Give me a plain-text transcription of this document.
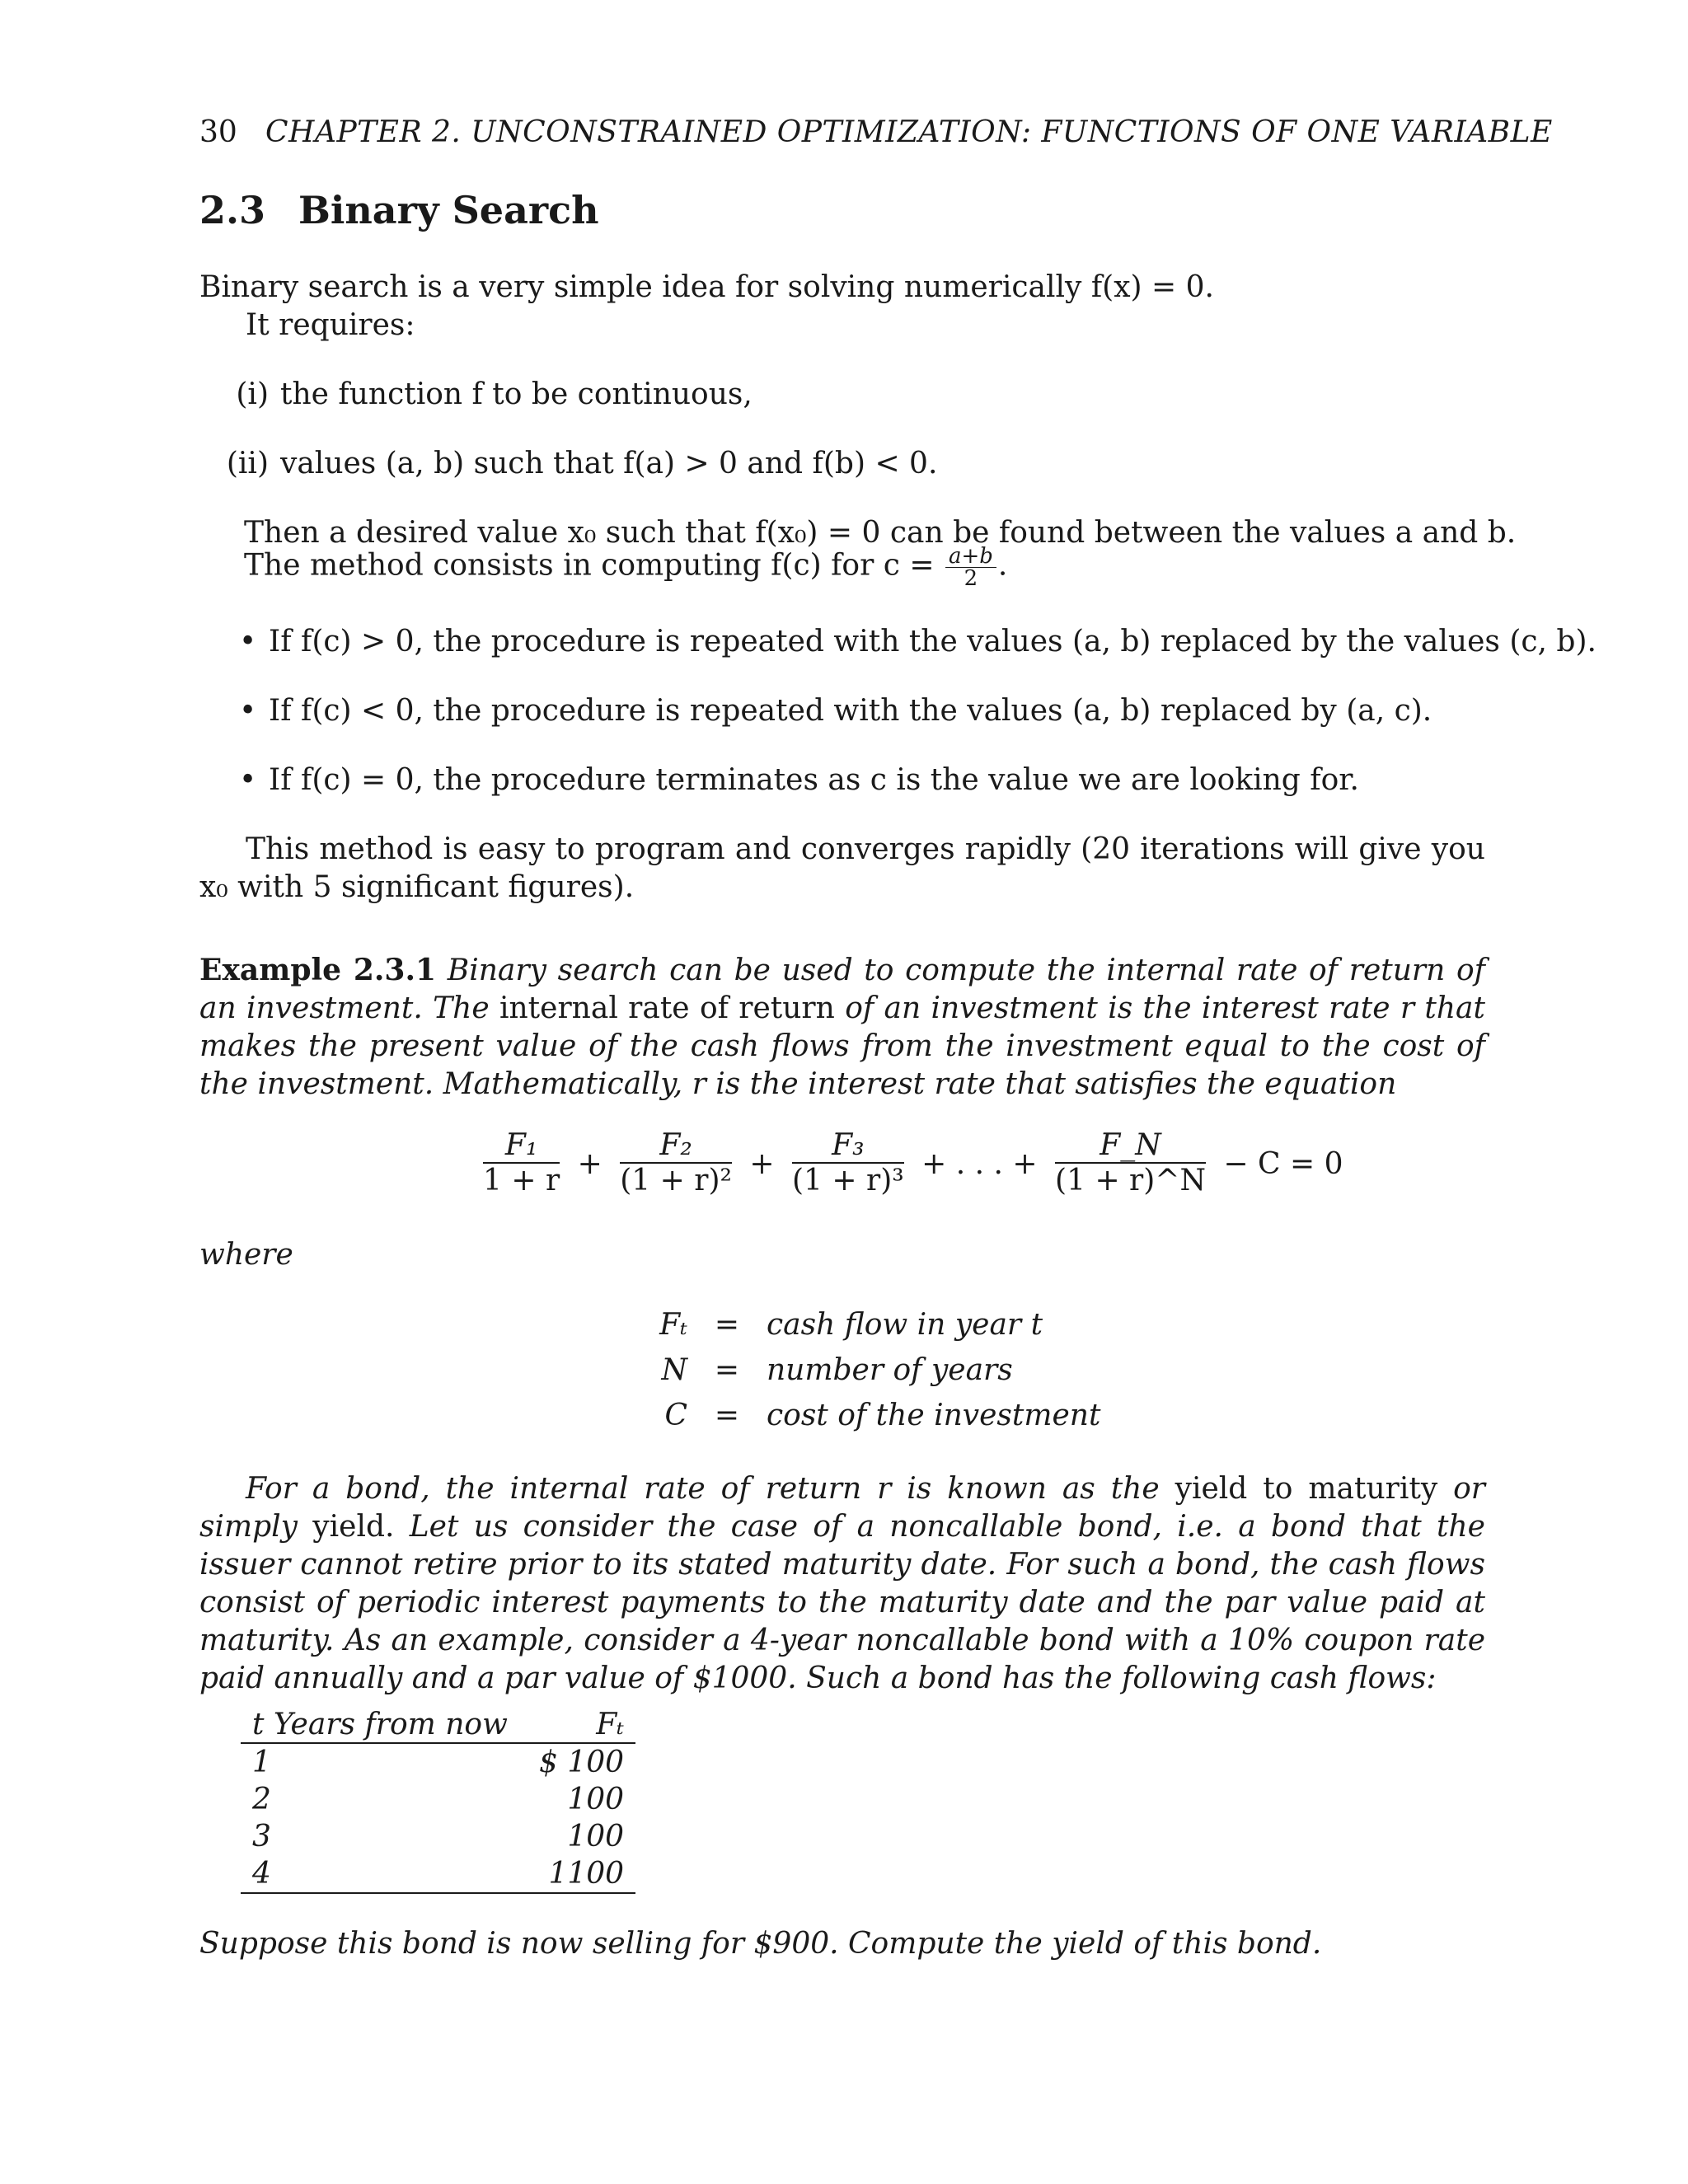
30 CHAPTER 2. UNCONSTRAINED OPTIMIZATION: FUNCTIONS OF ONE VARIABLE
2.3 Binary Search
Binary search is a very simple idea for solving numerically f(x) = 0.
It requires:
(i) the function f to be continuous,
(ii) values (a, b) such that f(a) > 0 and f(b) < 0.
Then a desired value x₀ such that f(x₀) = 0 can be found between the values a and b.
The method consists in computing f(c) for $c = \frac{a+b}{2}$ .
• If f(c) > 0, the procedure is repeated with the values (a, b) replaced by the values (c, b).
• If f(c) < 0, the procedure is repeated with the values (a, b) replaced by (a, c).
• If f(c) = 0, the procedure terminates as c is the value we are looking for.
This method is easy to program and converges rapidly (20 iterations will give you x₀ with 5 significant figures).
Example 2.3.1 Binary search can be used to compute the internal rate of return of an investment. The internal rate of return of an investment is the interest rate r that makes the present value of the cash flows from the investment equal to the cost of the investment. Mathematically, r is the interest rate that satisfies the equation
$\frac{\text{F₁}}{1 + r} + \frac{\text{F₂}}{\text{(1 + r)²}} + \frac{\text{F₃}}{\text{(1 + r)³}}$ + . . . + $\frac{F\_N}{(1 + r)\^{}N} - C = 0$
where
Fₜ	=	cash flow in year t
N	=	number of years
C	=	cost of the investment
For a bond, the internal rate of return r is known as the yield to maturity or simply yield. Let us consider the case of a noncallable bond, i.e. a bond that the issuer cannot retire prior to its stated maturity date. For such a bond, the cash flows consist of periodic interest payments to the maturity date and the par value paid at maturity. As an example, consider a 4-year noncallable bond with a 10% coupon rate paid annually and a par value of $1000. Such a bond has the following cash flows:
t Years from now	Fₜ
1	$ 100
2	100
3	100
4	1100
Suppose this bond is now selling for $900. Compute the yield of this bond.
